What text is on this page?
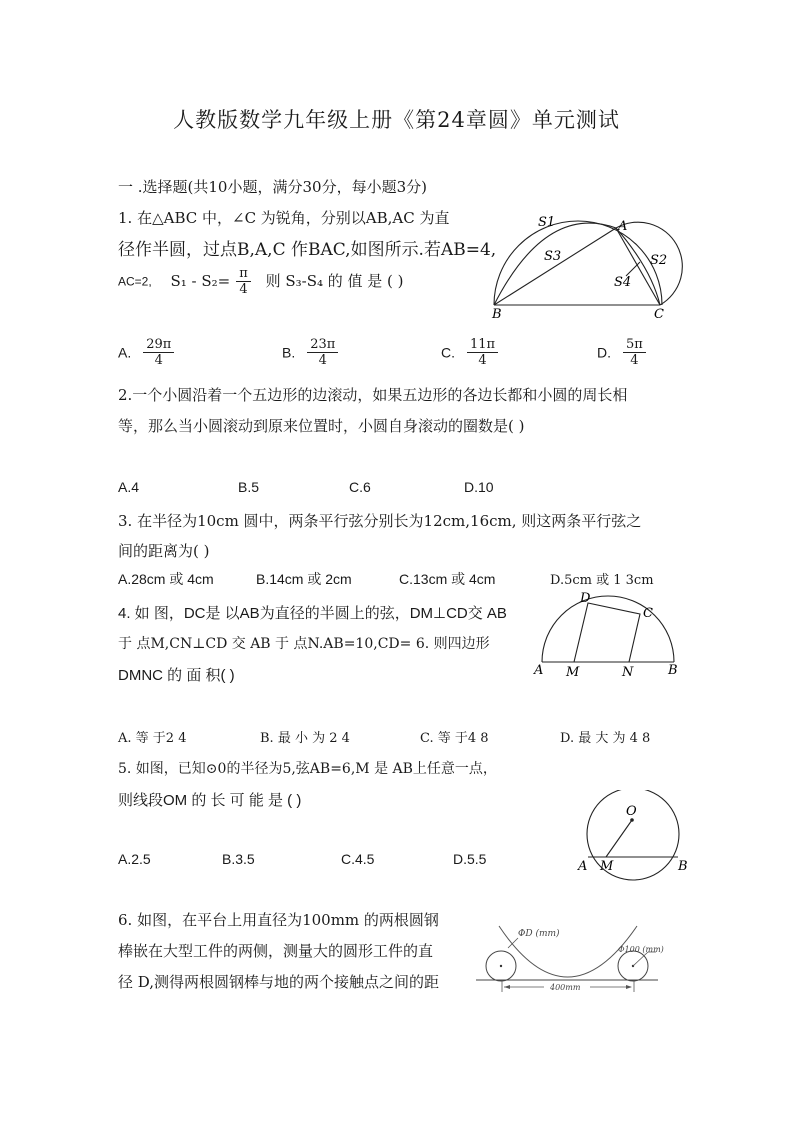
人教版数学九年级上册《第24章圆》单元测试
一 .选择题(共10小题，满分30分，每小题3分)
1. 在△ABC 中，∠C 为锐角，分别以AB,AC 为直
径作半圆，过点B,A,C 作BAC,如图所示.若AB=4,
AC=2, $S_1 - S_2= \frac{\pi}{4}$ 则 S₃-S₄ 的 值 是 ( )
S1	A
S3	S2
S4
B	C
A. $\frac{29\pi}{4}$	B. $\frac{23\pi}{4}$	C. $\frac{11\pi}{4}$	D. $\frac{5\pi}{4}$
2.一个小圆沿着一个五边形的边滚动，如果五边形的各边长都和小圆的周长相
等，那么当小圆滚动到原来位置时，小圆自身滚动的圈数是( )
A.4	B.5	C.6	D.10
3. 在半径为10cm 圆中，两条平行弦分别长为12cm,16cm, 则这两条平行弦之
间的距离为( )
A.28cm 或 4cm	B.14cm 或 2cm	C.13cm 或 4cm	D.5cm 或 1 3cm
4. 如 图，DC是 以AB为直径的半圆上的弦，DM⊥CD交 AB
于 点M,CN⊥CD 交 AB 于 点N.AB=10,CD= 6. 则四边形
DMNC 的 面 积( )
D
C
A M	N	B
A. 等 于2 4	B. 最 小 为 2 4	C. 等 于4 8	D. 最 大 为 4 8
5. 如图，已知⊙0的半径为5,弦AB=6,M 是 AB上任意一点，
则线段OM 的 长 可 能 是 ( )
O
A M	B
A.2.5	B.3.5	C.4.5	D.5.5
6. 如图，在平台上用直径为100mm 的两根圆钢
棒嵌在大型工件的两侧，测量大的圆形工件的直
径 D,测得两根圆钢棒与地的两个接触点之间的距
ΦD (mm)
Φ100 (mm)
400mm
